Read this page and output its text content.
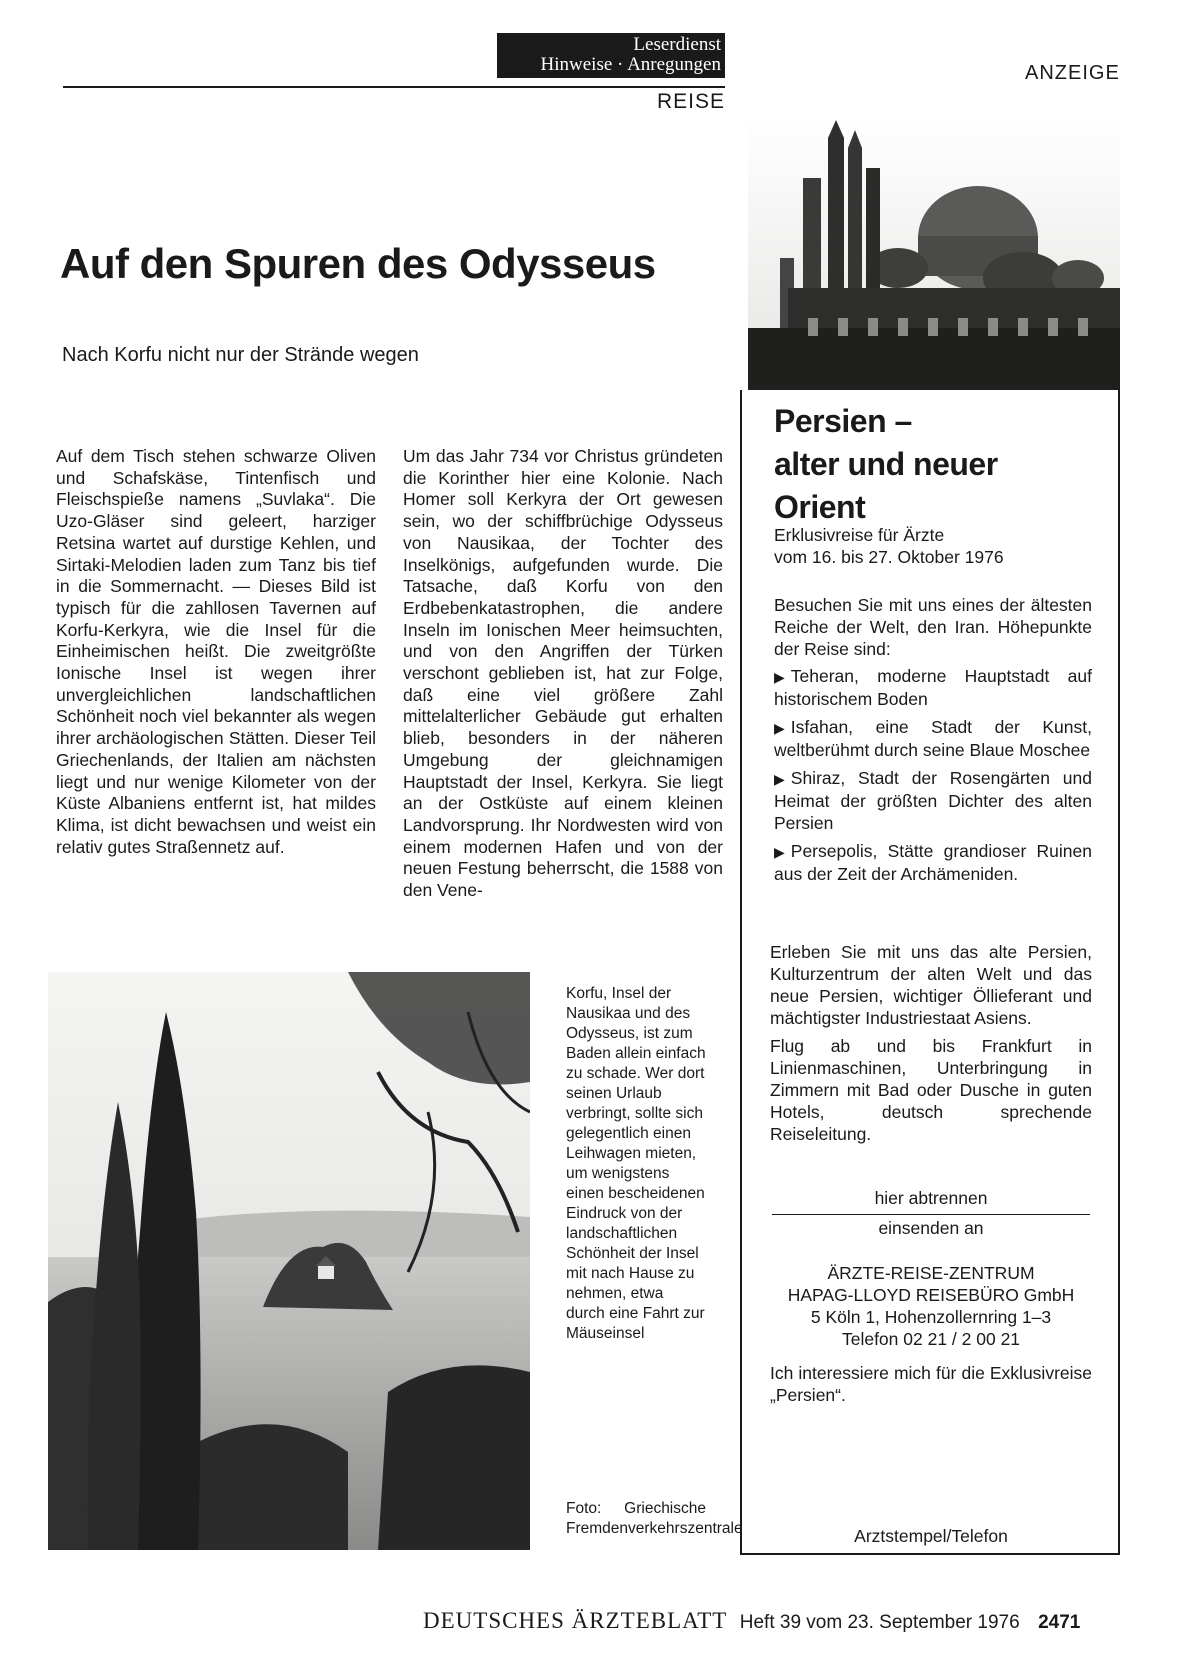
Leserdienst
Hinweise · Anregungen
REISE
ANZEIGE
Auf den Spuren des Odysseus
Nach Korfu nicht nur der Strände wegen

Auf dem Tisch stehen schwarze Oliven und Schafskäse, Tintenfisch und Fleischspieße namens „Suvlaka“. Die Uzo-Gläser sind geleert, harziger Retsina wartet auf durstige Kehlen, und Sirtaki-Melodien laden zum Tanz bis tief in die Sommernacht. — Dieses Bild ist typisch für die zahllosen Tavernen auf Korfu-Kerkyra, wie die Insel für die Einheimischen heißt. Die zweitgrößte Ionische Insel ist wegen ihrer unvergleichlichen landschaftlichen Schönheit noch viel bekannter als wegen ihrer archäologischen Stätten. Dieser Teil Griechenlands, der Italien am nächsten liegt und nur wenige Kilometer von der Küste Albaniens entfernt ist, hat mildes Klima, ist dicht bewachsen und weist ein relativ gutes Straßennetz auf.

Um das Jahr 734 vor Christus gründeten die Korinther hier eine Kolonie. Nach Homer soll Kerkyra der Ort gewesen sein, wo der schiffbrüchige Odysseus von Nausikaa, der Tochter des Inselkönigs, aufgefunden wurde. Die Tatsache, daß Korfu von den Erdbebenkatastrophen, die andere Inseln im Ionischen Meer heimsuchten, und von den Angriffen der Türken verschont geblieben ist, hat zur Folge, daß eine viel größere Zahl mittelalterlicher Gebäude gut erhalten blieb, besonders in der näheren Umgebung der gleichnamigen Hauptstadt der Insel, Kerkyra. Sie liegt an der Ostküste auf einem kleinen Landvorsprung. Ihr Nordwesten wird von einem modernen Hafen und von der neuen Festung beherrscht, die 1588 von den Vene-

Korfu, Insel der Nausikaa und des Odysseus, ist zum Baden allein einfach zu schade. Wer dort seinen Urlaub verbringt, sollte sich gelegentlich einen Leihwagen mieten, um wenigstens einen bescheidenen Eindruck von der landschaftlichen Schönheit der Insel mit nach Hause zu nehmen, etwa durch eine Fahrt zur Mäuseinsel
Foto: Griechische Fremdenverkehrszentrale
Persien –
alter und neuer
Orient
Erklusivreise für Ärzte
vom 16. bis 27. Oktober 1976
Besuchen Sie mit uns eines der ältesten Reiche der Welt, den Iran. Höhepunkte der Reise sind:

▶ Teheran, moderne Hauptstadt auf historischem Boden

▶ Isfahan, eine Stadt der Kunst, weltberühmt durch seine Blaue Moschee

▶ Shiraz, Stadt der Rosengärten und Heimat der größten Dichter des alten Persien

▶ Persepolis, Stätte grandioser Ruinen aus der Zeit der Archämeniden.

Erleben Sie mit uns das alte Persien, Kulturzentrum der alten Welt und das neue Persien, wichtiger Öllieferant und mächtigster Industriestaat Asiens.

Flug ab und bis Frankfurt in Linienmaschinen, Unterbringung in Zimmern mit Bad oder Dusche in guten Hotels, deutsch sprechende Reiseleitung.

hier abtrennen
einsenden an
ÄRZTE-REISE-ZENTRUM
HAPAG-LLOYD REISEBÜRO GmbH
5 Köln 1, Hohenzollernring 1–3
Telefon 02 21 / 2 00 21
Ich interessiere mich für die Exklusivreise „Persien“.
Arztstempel/Telefon
DEUTSCHES ÄRZTEBLATT Heft 39 vom 23. September 1976 2471
